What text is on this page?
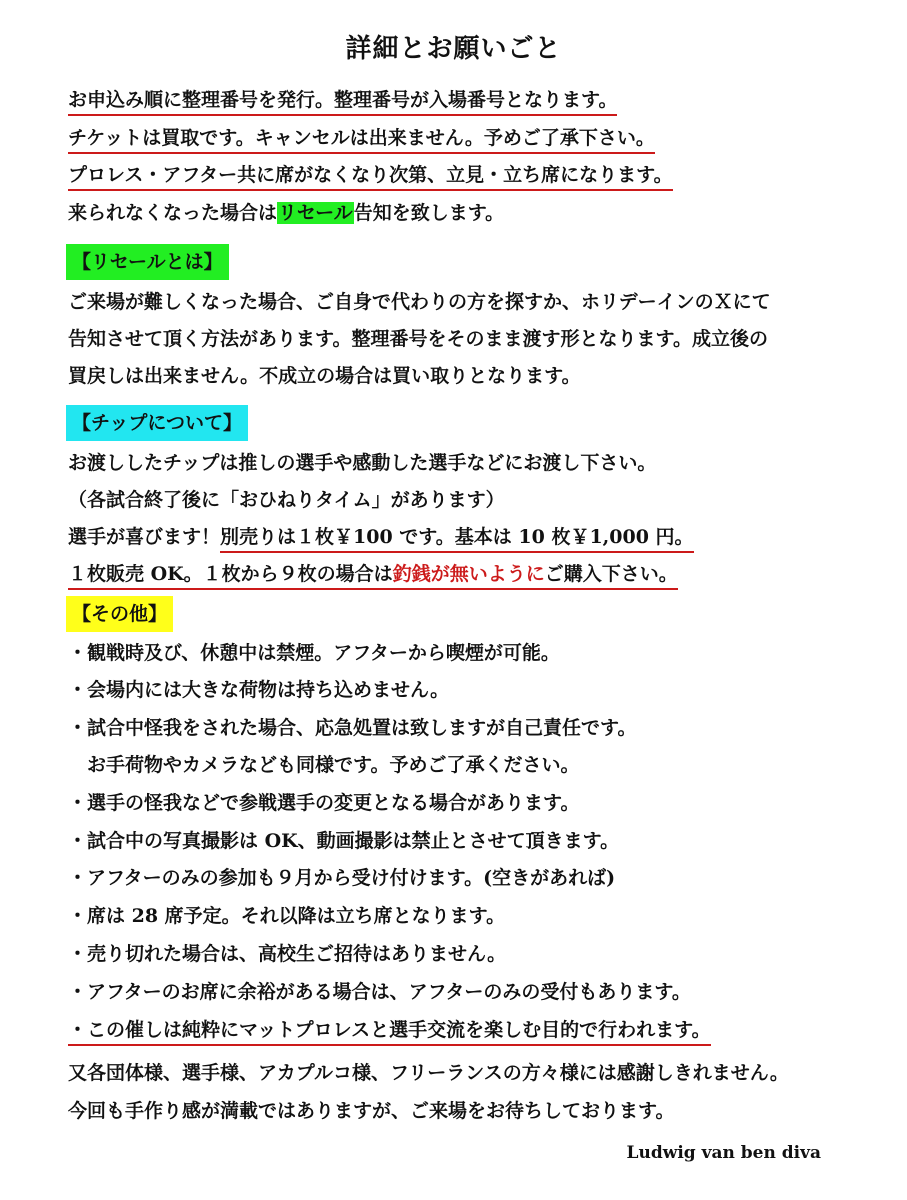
詳細とお願いごと
お申込み順に整理番号を発行。整理番号が入場番号となります。
チケットは買取です。キャンセルは出来ません。予めご了承下さい。
プロレス・アフター共に席がなくなり次第、立見・立ち席になります。
来られなくなった場合はリセール告知を致します。
【リセールとは】
ご来場が難しくなった場合、ご自身で代わりの方を探すか、ホリデーインのＸにて
告知させて頂く方法があります。整理番号をそのまま渡す形となります。成立後の
買戻しは出来ません。不成立の場合は買い取りとなります。
【チップについて】
お渡ししたチップは推しの選手や感動した選手などにお渡し下さい。
（各試合終了後に「おひねりタイム」があります）
選手が喜びます！別売りは１枚￥100 です。基本は 10 枚￥1,000 円。
１枚販売 OK。１枚から９枚の場合は釣銭が無いようにご購入下さい。
【その他】
・観戦時及び、休憩中は禁煙。アフターから喫煙が可能。
・会場内には大きな荷物は持ち込めません。
・試合中怪我をされた場合、応急処置は致しますが自己責任です。
　お手荷物やカメラなども同様です。予めご了承ください。
・選手の怪我などで参戦選手の変更となる場合があります。
・試合中の写真撮影は OK、動画撮影は禁止とさせて頂きます。
・アフターのみの参加も９月から受け付けます。(空きがあれば)
・席は 28 席予定。それ以降は立ち席となります。
・売り切れた場合は、高校生ご招待はありません。
・アフターのお席に余裕がある場合は、アフターのみの受付もあります。
・この催しは純粋にマットプロレスと選手交流を楽しむ目的で行われます。
又各団体様、選手様、アカプルコ様、フリーランスの方々様には感謝しきれません。
今回も手作り感が満載ではありますが、ご来場をお待ちしております。
Ludwig van ben diva
